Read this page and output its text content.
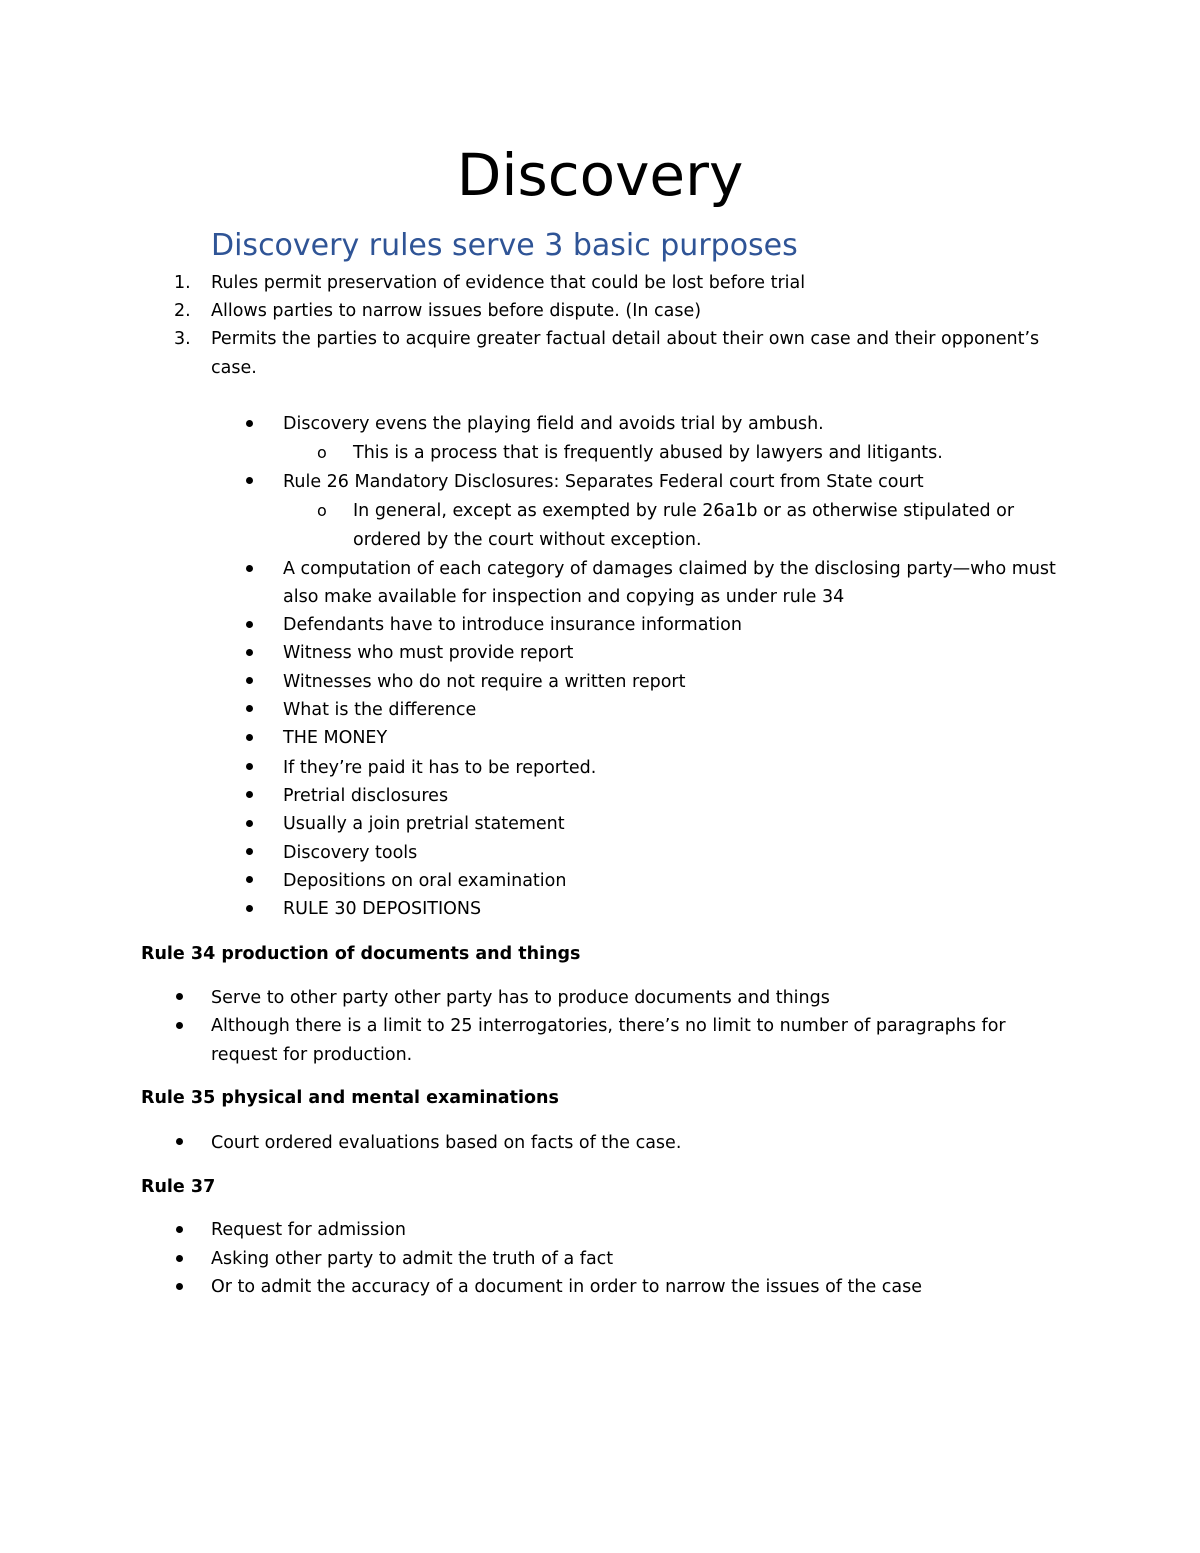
Discovery
Discovery rules serve 3 basic purposes
1. Rules permit preservation of evidence that could be lost before trial
2. Allows parties to narrow issues before dispute. (In case)
3. Permits the parties to acquire greater factual detail about their own case and their opponent’s
case.
Discovery evens the playing field and avoids trial by ambush.
o This is a process that is frequently abused by lawyers and litigants.
Rule 26 Mandatory Disclosures: Separates Federal court from State court
o In general, except as exempted by rule 26a1b or as otherwise stipulated or
ordered by the court without exception.
A computation of each category of damages claimed by the disclosing party—who must
also make available for inspection and copying as under rule 34
Defendants have to introduce insurance information
Witness who must provide report
Witnesses who do not require a written report
What is the difference
THE MONEY
If they’re paid it has to be reported.
Pretrial disclosures
Usually a join pretrial statement
Discovery tools
Depositions on oral examination
RULE 30 DEPOSITIONS

Rule 34 production of documents and things

Serve to other party other party has to produce documents and things
Although there is a limit to 25 interrogatories, there’s no limit to number of paragraphs for
request for production.

Rule 35 physical and mental examinations

Court ordered evaluations based on facts of the case.

Rule 37

Request for admission
Asking other party to admit the truth of a fact
Or to admit the accuracy of a document in order to narrow the issues of the case
